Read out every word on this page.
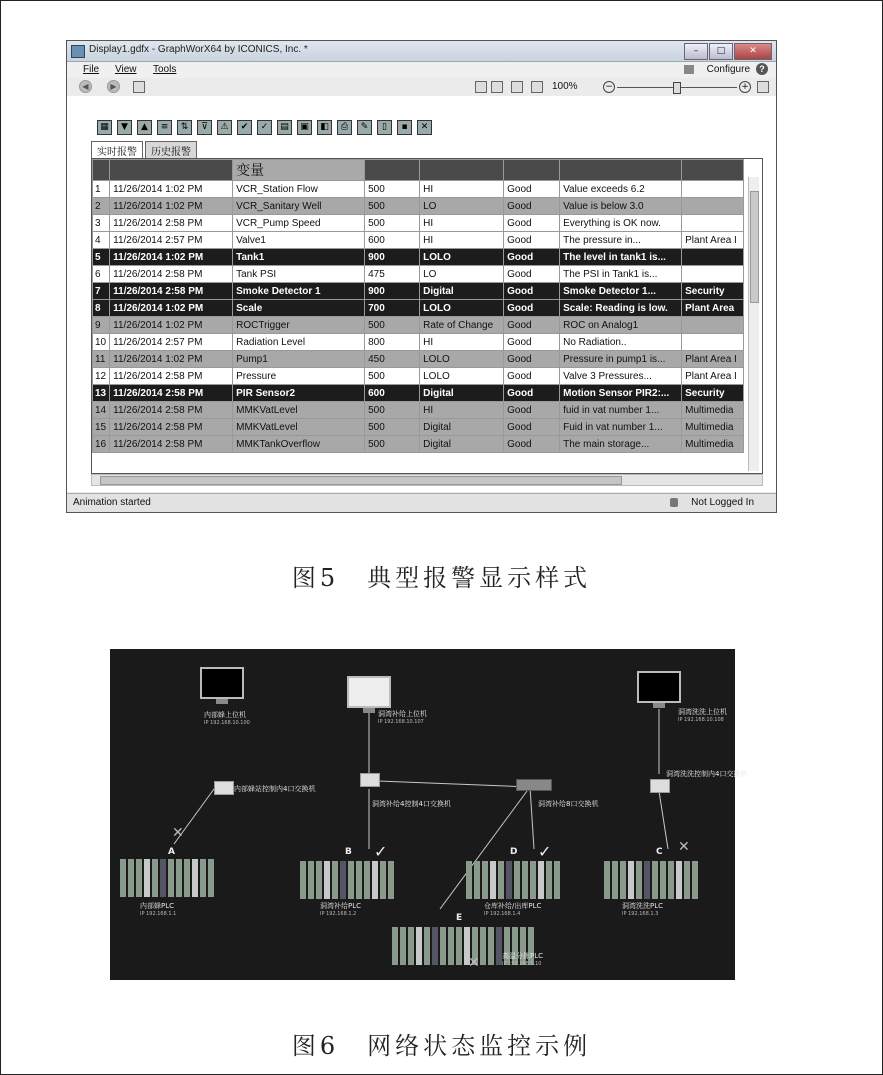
Display1.gdfx - GraphWorX64 by ICONICS, Inc. *	–	□	✕
File View Tools	Configure	?
◀	▶	100%	−	+
▦	▼	▲	≡	⇅	⊽	⚠	✔	✓	▤	▣	◧	⎙	✎	▯	▪	✕
实时报警	历史报警
		变量					
1	11/26/2014 1:02 PM	VCR_Station Flow	500	HI	Good	Value exceeds 6.2	
2	11/26/2014 1:02 PM	VCR_Sanitary Well	500	LO	Good	Value is below 3.0	
3	11/26/2014 2:58 PM	VCR_Pump Speed	500	HI	Good	Everything is OK now.	
4	11/26/2014 2:57 PM	Valve1	600	HI	Good	The pressure in...	Plant Area I
5	11/26/2014 1:02 PM	Tank1	900	LOLO	Good	The level in tank1 is...	
6	11/26/2014 2:58 PM	Tank PSI	475	LO	Good	The PSI in Tank1 is...	
7	11/26/2014 2:58 PM	Smoke Detector 1	900	Digital	Good	Smoke Detector 1...	Security
8	11/26/2014 1:02 PM	Scale	700	LOLO	Good	Scale: Reading is low.	Plant Area
9	11/26/2014 1:02 PM	ROCTrigger	500	Rate of Change	Good	ROC on Analog1	
10	11/26/2014 2:57 PM	Radiation Level	800	HI	Good	No Radiation..	
11	11/26/2014 1:02 PM	Pump1	450	LOLO	Good	Pressure in pump1 is...	Plant Area I
12	11/26/2014 2:58 PM	Pressure	500	LOLO	Good	Valve 3 Pressures...	Plant Area I
13	11/26/2014 2:58 PM	PIR Sensor2	600	Digital	Good	Motion Sensor PIR2:...	Security
14	11/26/2014 2:58 PM	MMKVatLevel	500	HI	Good	fuid in vat number 1...	Multimedia
15	11/26/2014 2:58 PM	MMKVatLevel	500	Digital	Good	Fuid in vat number 1...	Multimedia
16	11/26/2014 2:58 PM	MMKTankOverflow	500	Digital	Good	The main storage...	Multimedia
Animation started	Not Logged In
图5　典型报警显示样式
内部蜂上位机
IP 192.168.10.100
洞湾补给上位机
IP 192.168.10.107
洞湾洗洗上位机
IP 192.168.10.108
内部蜂站控制内4口交换机
洞湾补给4控制4口交换机	洞湾补给8口交换机
洞湾洗洗控制内4口交换机
✕
A
内部蜂PLC
IP 192.168.1.1
B ✓
洞湾补给PLC
IP 192.168.1.2
D ✓
仓库补给/出库PLC
IP 192.168.1.4
C ✕
洞湾洗洗PLC
IP 192.168.1.3
E
✕	高温分拣PLC
IP 192.168.1.10
图6　网络状态监控示例
